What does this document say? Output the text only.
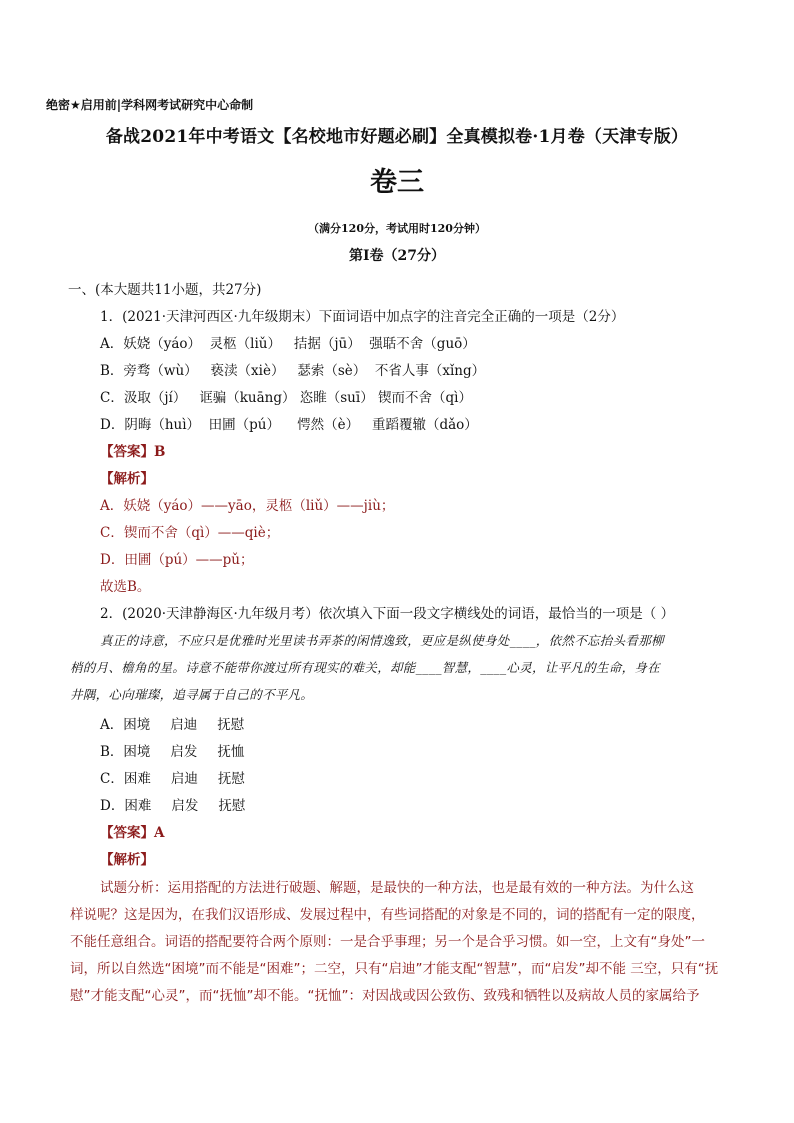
绝密★启用前|学科网考试研究中心命制
备战2021年中考语文【名校地市好题必刷】全真模拟卷·1月卷（天津专版）
卷三
（满分120分，考试用时120分钟）
第Ⅰ卷（27分）
一、(本大题共11小题，共27分)
1．(2021·天津河西区·九年级期末）下面词语中加点字的注音完全正确的一项是（2分）
A．妖娆（yáo）  灵柩（liǔ）   拮据（jū）  强聒不舍（guō）
B．旁骛（wù）   亵渎（xiè）   瑟索（sè）  不省人事（xǐng）
C．汲取（jí）   诓骗（kuāng） 恣睢（suī） 锲而不舍（qì）
D．阴晦（huì）  田圃（pú）    愕然（è）   重蹈覆辙（dǎo）
【答案】B
【解析】
A．妖娆（yáo）——yāo，灵柩（liǔ）——jiù；
C．锲而不舍（qì）——qiè；
D．田圃（pú）——pǔ；
故选B。
2．(2020·天津静海区·九年级月考）依次填入下面一段文字横线处的词语，最恰当的一项是（ ）
真正的诗意，不应只是优雅时光里读书弄茶的闲情逸致，更应是纵使身处____，依然不忘抬头看那柳
梢的月、檐角的星。诗意不能带你渡过所有现实的难关，却能____智慧，____心灵，让平凡的生命，身在
井隅，心向璀璨，追寻属于自己的不平凡。
A．困境 启迪 抚慰
B．困境 启发 抚恤
C．困难 启迪 抚慰
D．困难 启发 抚慰
【答案】A
【解析】
试题分析：运用搭配的方法进行破题、解题，是最快的一种方法，也是最有效的一种方法。为什么这
样说呢？这是因为，在我们汉语形成、发展过程中，有些词搭配的对象是不同的，词的搭配有一定的限度，
不能任意组合。词语的搭配要符合两个原则：一是合乎事理；另一个是合乎习惯。如一空，上文有“身处”一
词，所以自然选“困境”而不能是“困难”；二空，只有“启迪”才能支配“智慧”，而“启发”却不能 三空，只有“抚
慰”才能支配“心灵”，而“抚恤”却不能。“抚恤”：对因战或因公致伤、致残和牺牲以及病故人员的家属给予
